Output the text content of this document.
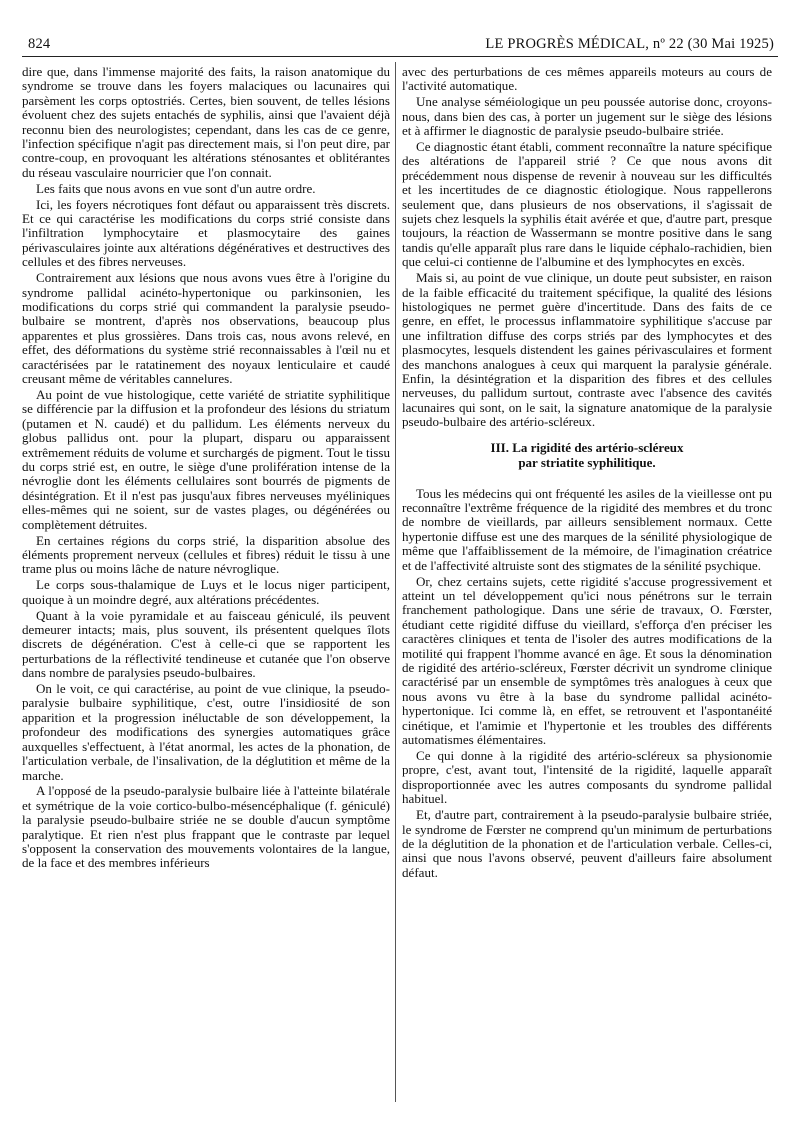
824	LE PROGRÈS MÉDICAL, nº 22 (30 Mai 1925)

dire que, dans l'immense majorité des faits, la raison anatomique du syndrome se trouve dans les foyers malaciques ou lacunaires qui parsèment les corps optostriés. Certes, bien souvent, de telles lésions évoluent chez des sujets entachés de syphilis, ainsi que l'avaient déjà reconnu bien des neurologistes; cependant, dans les cas de ce genre, l'infection spécifique n'agit pas directement mais, si l'on peut dire, par contre-coup, en provoquant les altérations sténosantes et oblitérantes du réseau vasculaire nourricier que l'on connait.

Les faits que nous avons en vue sont d'un autre ordre.

Ici, les foyers nécrotiques font défaut ou apparaissent très discrets. Et ce qui caractérise les modifications du corps strié consiste dans l'infiltration lymphocytaire et plasmocytaire des gaines périvasculaires jointe aux altérations dégénératives et destructives des cellules et des fibres nerveuses.

Contrairement aux lésions que nous avons vues être à l'origine du syndrome pallidal acinéto-hypertonique ou parkinsonien, les modifications du corps strié qui commandent la paralysie pseudo-bulbaire se montrent, d'après nos observations, beaucoup plus apparentes et plus grossières. Dans trois cas, nous avons relevé, en effet, des déformations du système strié reconnaissables à l'œil nu et caractérisées par le ratatinement des noyaux lenticulaire et caudé creusant même de véritables cannelures.

Au point de vue histologique, cette variété de striatite syphilitique se différencie par la diffusion et la profondeur des lésions du striatum (putamen et N. caudé) et du pallidum. Les éléments nerveux du globus pallidus ont. pour la plupart, disparu ou apparaissent extrêmement réduits de volume et surchargés de pigment. Tout le tissu du corps strié est, en outre, le siège d'une prolifération intense de la névroglie dont les éléments cellulaires sont bourrés de pigments de désintégration. Et il n'est pas jusqu'aux fibres nerveuses myéliniques elles-mêmes qui ne soient, sur de vastes plages, ou dégénérées ou complètement détruites.

En certaines régions du corps strié, la disparition absolue des éléments proprement nerveux (cellules et fibres) réduit le tissu à une trame plus ou moins lâche de nature névroglique.

Le corps sous-thalamique de Luys et le locus niger participent, quoique à un moindre degré, aux altérations précédentes.

Quant à la voie pyramidale et au faisceau géniculé, ils peuvent demeurer intacts; mais, plus souvent, ils présentent quelques îlots discrets de dégénération. C'est à celle-ci que se rapportent les perturbations de la réflectivité tendineuse et cutanée que l'on observe dans nombre de paralysies pseudo-bulbaires.

On le voit, ce qui caractérise, au point de vue clinique, la pseudo-paralysie bulbaire syphilitique, c'est, outre l'insidiosité de son apparition et la progression inéluctable de son développement, la profondeur des modifications des synergies automatiques grâce auxquelles s'effectuent, à l'état anormal, les actes de la phonation, de l'articulation verbale, de l'insalivation, de la déglutition et même de la marche.

A l'opposé de la pseudo-paralysie bulbaire liée à l'atteinte bilatérale et symétrique de la voie cortico-bulbo-mésencéphalique (f. géniculé) la paralysie pseudo-bulbaire striée ne se double d'aucun symptôme paralytique. Et rien n'est plus frappant que le contraste par lequel s'opposent la conservation des mouvements volontaires de la langue, de la face et des membres inférieurs

avec des perturbations de ces mêmes appareils moteurs au cours de l'activité automatique.

Une analyse séméiologique un peu poussée autorise donc, croyons-nous, dans bien des cas, à porter un jugement sur le siège des lésions et à affirmer le diagnostic de paralysie pseudo-bulbaire striée.

Ce diagnostic étant établi, comment reconnaître la nature spécifique des altérations de l'appareil strié ? Ce que nous avons dit précédemment nous dispense de revenir à nouveau sur les difficultés et les incertitudes de ce diagnostic étiologique. Nous rappellerons seulement que, dans plusieurs de nos observations, il s'agissait de sujets chez lesquels la syphilis était avérée et que, d'autre part, presque toujours, la réaction de Wassermann se montre positive dans le sang tandis qu'elle apparaît plus rare dans le liquide céphalo-rachidien, bien que celui-ci contienne de l'albumine et des lymphocytes en excès.

Mais si, au point de vue clinique, un doute peut subsister, en raison de la faible efficacité du traitement spécifique, la qualité des lésions histologiques ne permet guère d'incertitude. Dans des faits de ce genre, en effet, le processus inflammatoire syphilitique s'accuse par une infiltration diffuse des corps striés par des lymphocytes et des plasmocytes, lesquels distendent les gaines périvasculaires et forment des manchons analogues à ceux qui marquent la paralysie générale. Enfin, la désintégration et la disparition des fibres et des cellules nerveuses, du pallidum surtout, contraste avec l'absence des cavités lacunaires qui sont, on le sait, la signature anatomique de la paralysie pseudo-bulbaire des artério-scléreux.

III. La rigidité des artério-scléreux
par striatite syphilitique.

Tous les médecins qui ont fréquenté les asiles de la vieillesse ont pu reconnaître l'extrême fréquence de la rigidité des membres et du tronc de nombre de vieillards, par ailleurs sensiblement normaux. Cette hypertonie diffuse est une des marques de la sénilité physiologique de même que l'affaiblissement de la mémoire, de l'imagination créatrice et de l'affectivité altruiste sont des stigmates de la sénilité psychique.

Or, chez certains sujets, cette rigidité s'accuse progressivement et atteint un tel développement qu'ici nous pénétrons sur le terrain franchement pathologique. Dans une série de travaux, O. Fœrster, étudiant cette rigidité diffuse du vieillard, s'efforça d'en préciser les caractères cliniques et tenta de l'isoler des autres modifications de la motilité qui frappent l'homme avancé en âge. Et sous la dénomination de rigidité des artério-scléreux, Fœrster décrivit un syndrome clinique caractérisé par un ensemble de symptômes très analogues à ceux que nous avons vu être à la base du syndrome pallidal acinéto-hypertonique. Ici comme là, en effet, se retrouvent et l'aspontanéité cinétique, et l'amimie et l'hypertonie et les troubles des différents automatismes élémentaires.

Ce qui donne à la rigidité des artério-scléreux sa physionomie propre, c'est, avant tout, l'intensité de la rigidité, laquelle apparaît disproportionnée avec les autres composants du syndrome pallidal habituel.

Et, d'autre part, contrairement à la pseudo-paralysie bulbaire striée, le syndrome de Fœrster ne comprend qu'un minimum de perturbations de la déglutition de la phonation et de l'articulation verbale. Celles-ci, ainsi que nous l'avons observé, peuvent d'ailleurs faire absolument défaut.
